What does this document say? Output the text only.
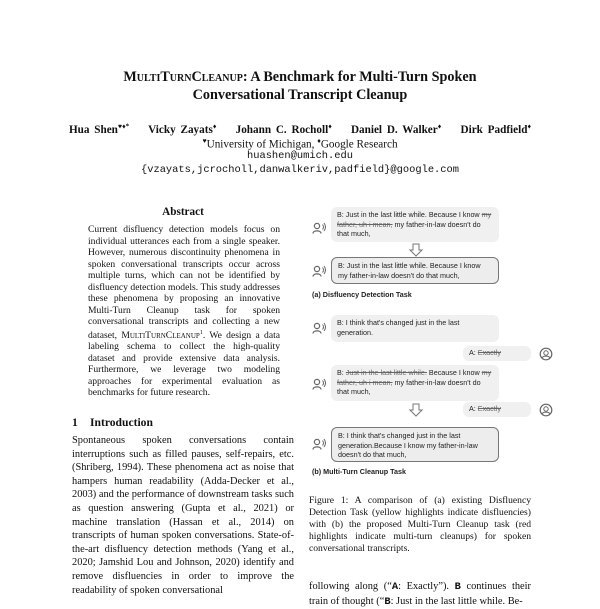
MultiTurnCleanup: A Benchmark for Multi-Turn Spoken
Conversational Transcript Cleanup
Hua Shen♥♦* Vicky Zayats♦ Johann C. Rocholl♦ Daniel D. Walker♦ Dirk Padfield♦
♥University of Michigan, ♦Google Research
huashen@umich.edu
{vzayats,jcrocholl,danwalkeriv,padfield}@google.com
Abstract
Current disfluency detection models focus on individual utterances each from a single speaker. However, numerous discontinuity phenomena in spoken conversational transcripts occur across multiple turns, which can not be identified by disfluency detection models. This study addresses these phenomena by proposing an innovative Multi-Turn Cleanup task for spoken conversational transcripts and collecting a new dataset, MultiTurnCleanup$^1$. We design a data labeling schema to collect the high-quality dataset and provide extensive data analysis. Furthermore, we leverage two modeling approaches for experimental evaluation as benchmarks for future research.
1 Introduction
Spontaneous spoken conversations contain interruptions such as filled pauses, self-repairs, etc. (Shriberg, 1994). These phenomena act as noise that hampers human readability (Adda-Decker et al., 2003) and the performance of downstream tasks such as question answering (Gupta et al., 2021) or machine translation (Hassan et al., 2014) on transcripts of human spoken conversations. State-of-the-art disfluency detection methods (Yang et al., 2020; Jamshid Lou and Johnson, 2020) identify and remove disfluencies in order to improve the readability of spoken conversational
B: Just in the last little while. Because I know my father, uh i mean, my father-in-law doesn't do that much,
B: Just in the last little while. Because I know my father-in-law doesn't do that much,
(a) Disfluency Detection Task
B: I think that's changed just in the last generation.
A: Exactly
B: Just in the last little while. Because I know my father, uh i mean, my father-in-law doesn't do that much,
A: Exactly
B: I think that's changed just in the last generation.Because I know my father-in-law doesn't do that much,
(b) Multi-Turn Cleanup Task
Figure 1: A comparison of (a) existing Disfluency Detection Task (yellow highlights indicate disfluencies) with (b) the proposed Multi-Turn Cleanup task (red highlights indicate multi-turn cleanups) for spoken conversational transcripts.
following along (“A: Exactly”). B continues their train of thought (“B: Just in the last little while. Be-
